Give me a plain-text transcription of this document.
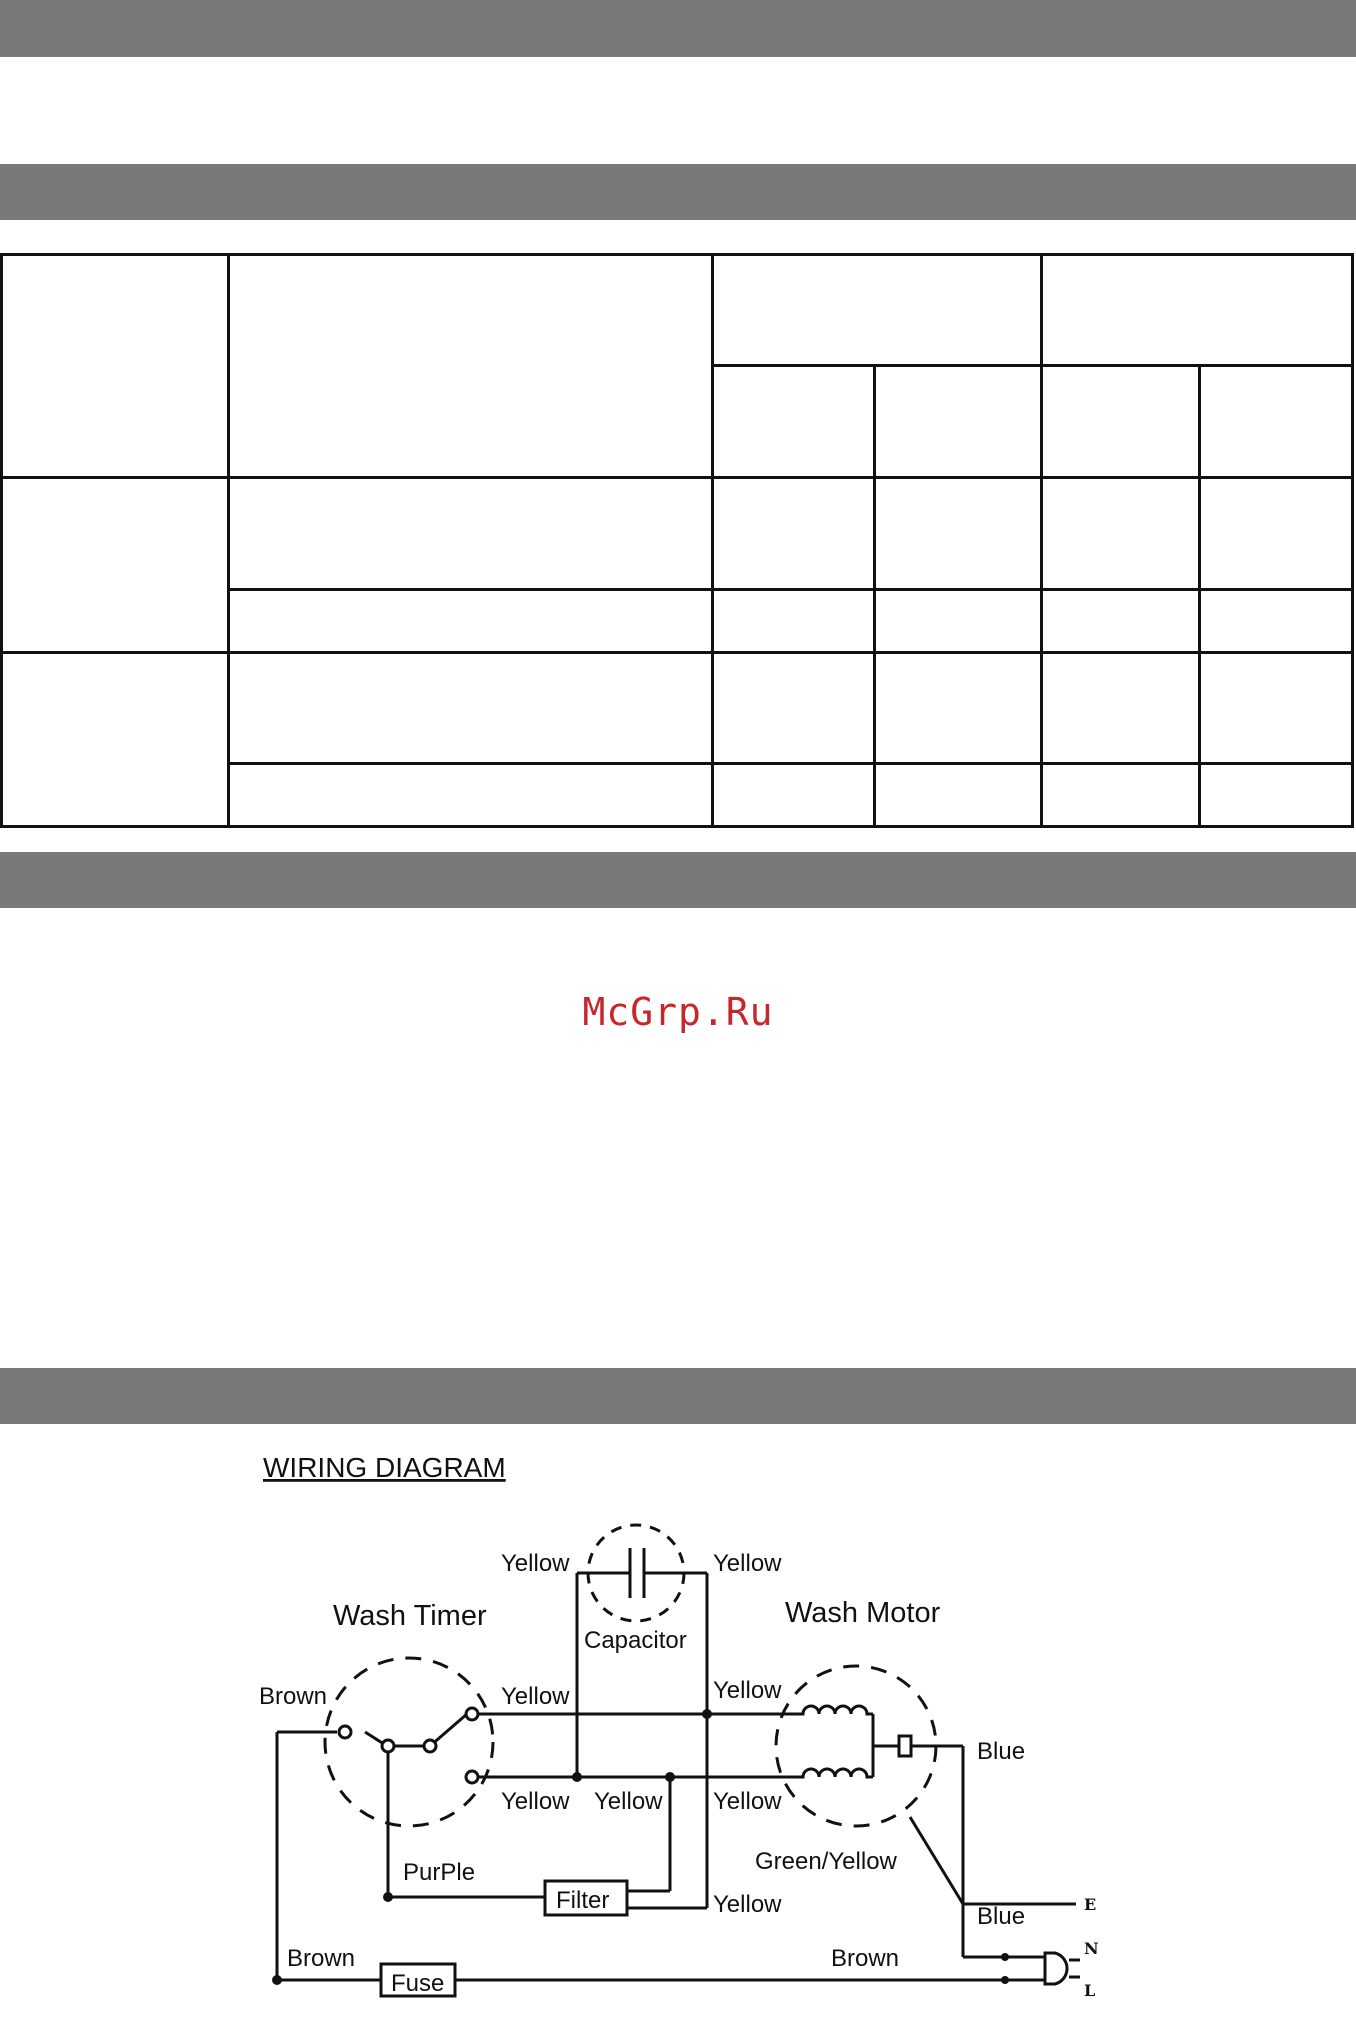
McGrp.Ru
WIRING DIAGRAM
Wash Timer	Wash Motor
Capacitor
Filter
Fuse
Yellow	Yellow
Brown	Yellow	Yellow
Blue
Yellow Yellow Yellow
PurPle	Green/Yellow
Yellow	Blue
Brown	Brown
E
N
L
